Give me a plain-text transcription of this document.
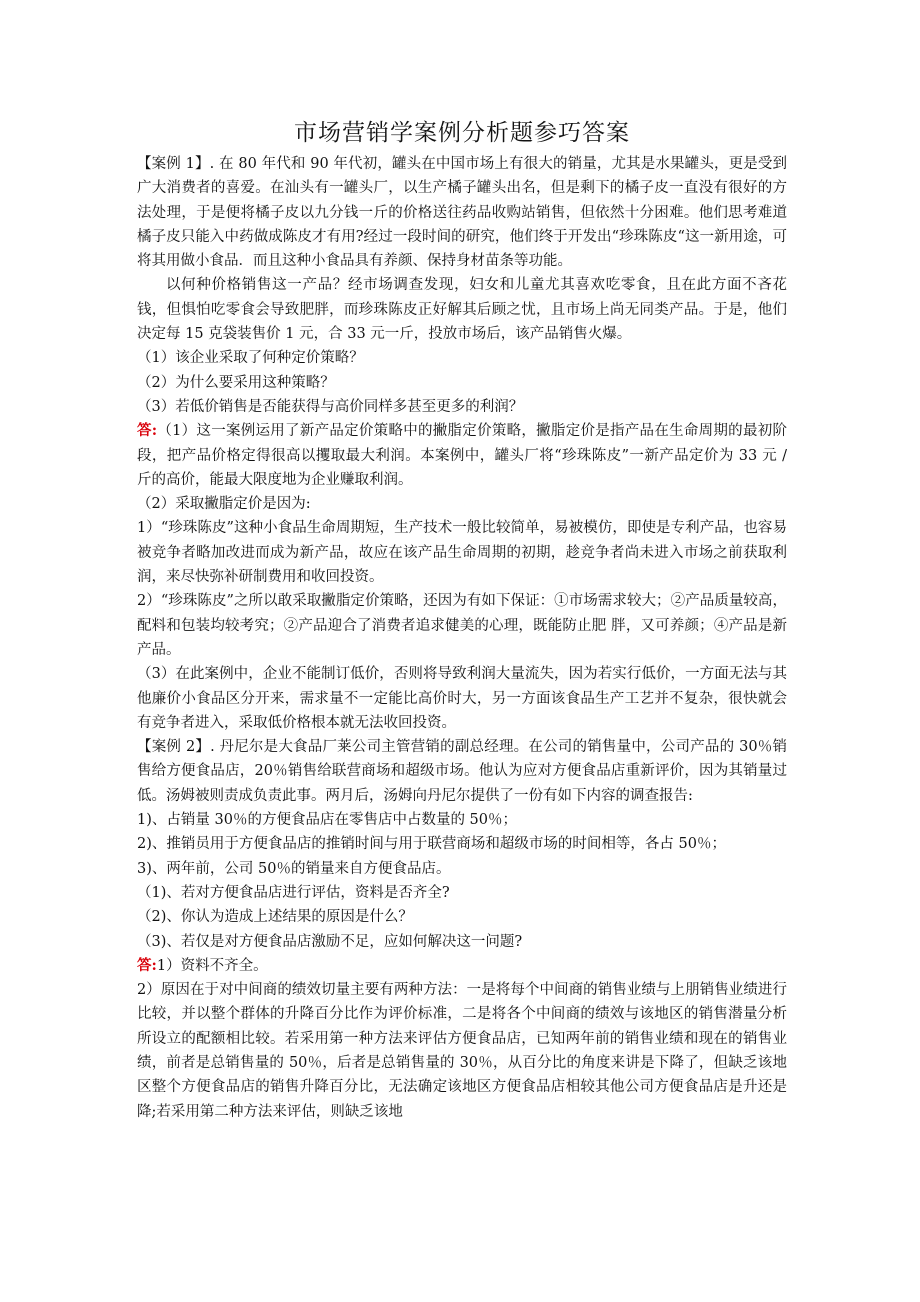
市场营销学案例分析题参巧答案

【案例 1】. 在 80 年代和 90 年代初，罐头在中国市场上有很大的销量，尤其是水果罐头，更是受到广大消费者的喜爱。在汕头有一罐头厂，以生产橘子罐头出名，但是剩下的橘子皮一直没有很好的方法处理，于是便将橘子皮以九分钱一斤的价格送往药品收购站销售，但依然十分困难。他们思考难道橘子皮只能入中药做成陈皮才有用?经过一段时间的研究，他们终于开发出“珍珠陈皮“这一新用途，可将其用做小食品．而且这种小食品具有养颜、保持身材苗条等功能。

以何种价格销售这一产品？经市场调查发现，妇女和儿童尤其喜欢吃零食，且在此方面不吝花钱，但惧怕吃零食会导致肥胖，而珍珠陈皮正好解其后顾之忧，且市场上尚无同类产品。于是，他们决定每 15 克袋装售价 1 元，合 33 元一斤，投放市场后，该产品销售火爆。

（1）该企业采取了何种定价策略？

（2）为什么要采用这种策略？

（3）若低价销售是否能获得与高价同样多甚至更多的利润？

答:（1）这一案例运用了新产品定价策略中的撇脂定价策略，撇脂定价是指产品在生命周期的最初阶段，把产品价格定得很高以攫取最大利润。本案例中，罐头厂将“珍珠陈皮”一新产品定价为 33 元 / 斤的高价，能最大限度地为企业赚取利润。

（2）采取撇脂定价是因为:

1）“珍珠陈皮”这种小食品生命周期短，生产技术一般比较简单，易被模仿，即使是专利产品，也容易被竞争者略加改进而成为新产品，故应在该产品生命周期的初期，趁竞争者尚未进入市场之前获取利润，来尽快弥补研制费用和收回投资。

2）“珍珠陈皮”之所以敢采取撇脂定价策略，还因为有如下保证：①市场需求较大；②产品质量较高，配料和包装均较考究；②产品迎合了消费者追求健美的心理，既能防止肥 胖，又可养颜；④产品是新产品。

（3）在此案例中，企业不能制订低价，否则将导致利润大量流失，因为若实行低价，一方面无法与其他廉价小食品区分开来，需求量不一定能比高价时大，另一方面该食品生产工艺并不复杂，很快就会有竞争者进入，采取低价格根本就无法收回投资。

【案例 2】. 丹尼尔是大食品厂莱公司主管营销的副总经理。在公司的销售量中，公司产品的 30％销售给方便食品店，20％销售给联营商场和超级市场。他认为应对方便食品店重新评价，因为其销量过低。汤姆被则责成负责此事。两月后，汤姆向丹尼尔提供了一份有如下内容的调查报告:

1)、占销量 30％的方便食品店在零售店中占数量的 50％；

2)、推销员用于方便食品店的推销时间与用于联营商场和超级市场的时间相等，各占 50％；

3)、两年前，公司 50％的销量来自方便食品店。

（1)、若对方便食品店进行评估，资料是否齐全?

（2)、你认为造成上述结果的原因是什么？

（3)、若仅是对方便食品店激励不足，应如何解决这一问题?

答:1）资料不齐全。

2）原因在于对中间商的绩效切量主要有两种方法：一是将每个中间商的销售业绩与上朋销售业绩进行比较，并以整个群体的升降百分比作为评价标准，二是将各个中间商的绩效与该地区的销售潜量分析所设立的配额相比较。若采用第一种方法来评估方便食品店，已知两年前的销售业绩和现在的销售业绩，前者是总销售量的 50％，后者是总销售量的 30％，从百分比的角度来讲是下降了，但缺乏该地区整个方便食品店的销售升降百分比，无法确定该地区方便食品店相较其他公司方便食品店是升还是降;若采用第二种方法来评估，则缺乏该地
